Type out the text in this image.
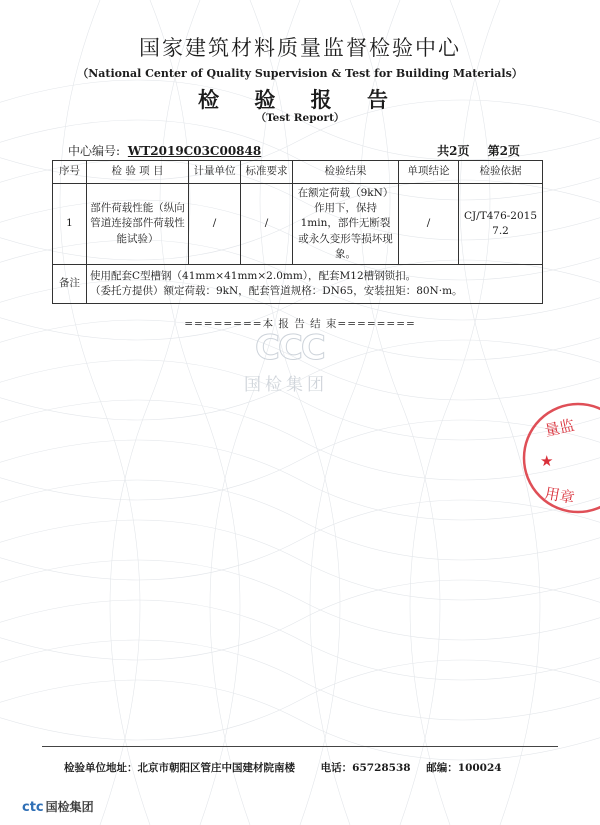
国家建筑材料质量监督检验中心
（National Center of Quality Supervision & Test for Building Materials）
检 验 报 告
（Test Report）
中心编号: WT2019C03C00848	共2页 第2页
序号	检 验 项 目	计量单位	标准要求	检验结果	单项结论	检验依据
1	部件荷载性能（纵向管道连接部件荷载性能试验）	/	/	在额定荷载（9kN）作用下，保持1min，部件无断裂或永久变形等损坏现象。	/	CJ/T476-2015 7.2
备注	使用配套C型槽钢（41mm×41mm×2.0mm），配套M12槽钢锁扣。
（委托方提供）额定荷载：9kN，配套管道规格：DN65，安装扭矩：80N·m。					
========本 报 告 结 束========
CCC
国检集团
量监
★
用章
检验单位地址：北京市朝阳区管庄中国建材院南楼 电话：65728538 邮编：100024
ctc 国检集团
